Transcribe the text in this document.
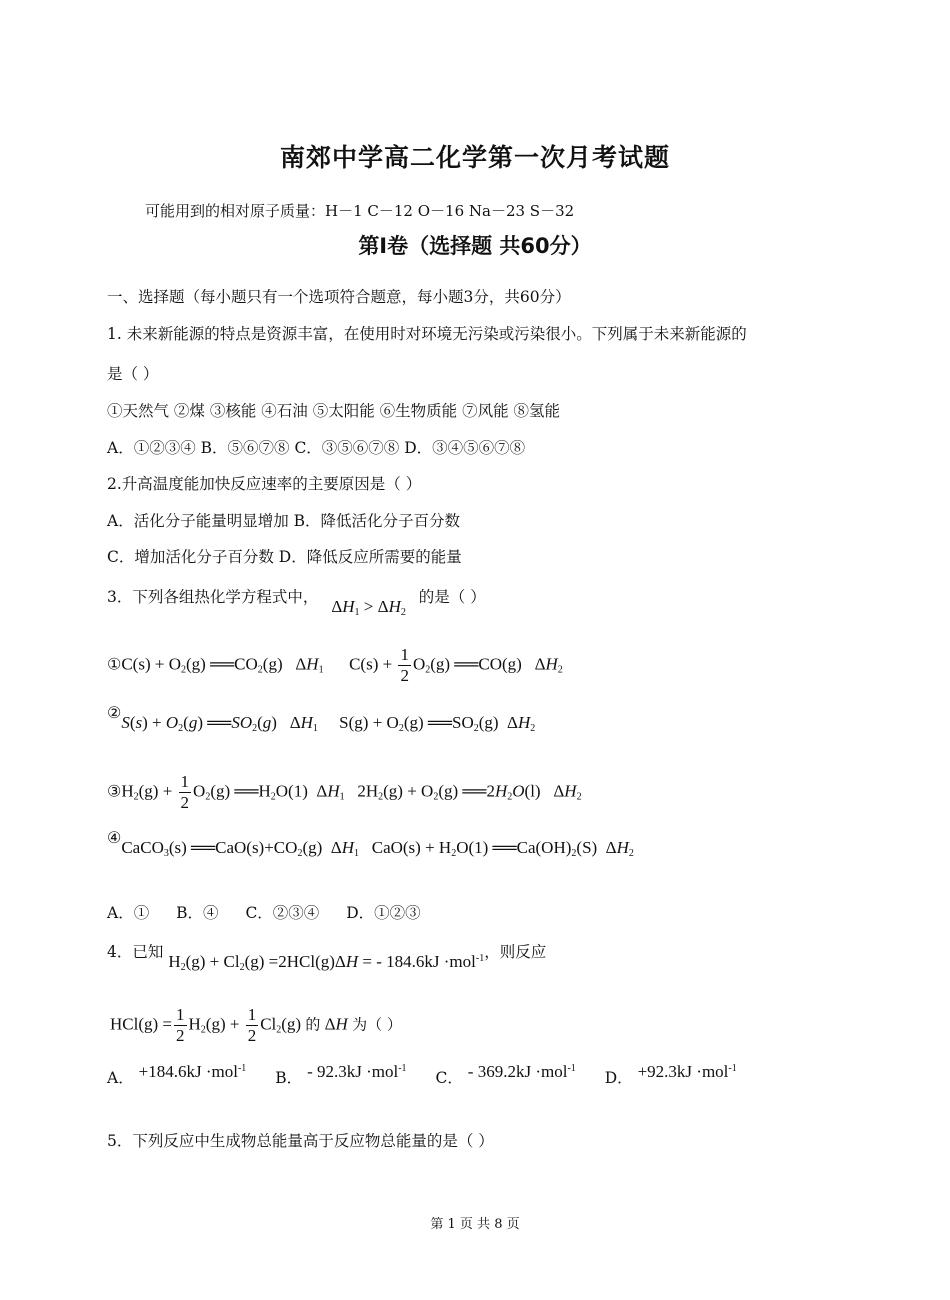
南郊中学高二化学第一次月考试题
可能用到的相对原子质量：H－1 C－12 O－16 Na－23 S－32
第Ⅰ卷（选择题 共60分）
一、选择题（每小题只有一个选项符合题意，每小题3分，共60分）
1. 未来新能源的特点是资源丰富，在使用时对环境无污染或污染很小。下列属于未来新能源的
是（ ）
①天然气 ②煤 ③核能 ④石油 ⑤太阳能 ⑥生物质能 ⑦风能 ⑧氢能
A．①②③④ B．⑤⑥⑦⑧ C．③⑤⑥⑦⑧ D．③④⑤⑥⑦⑧
2.升高温度能加快反应速率的主要原因是（ ）
A．活化分子能量明显增加 B．降低活化分子百分数
C．增加活化分子百分数 D．降低反应所需要的能量
3．下列各组热化学方程式中， $\Delta H_1 > \Delta H_2$ 的是（ ）
①C(s) + $O_2(g)$ $══CO_2(g)$   $\Delta H_1$      $C(s) + \frac{1}{2} O_2(g)$ ══CO(g)   $\Delta H_2$
②S(s) + $O_2(g)$ $══SO_2(g)$   $\Delta H_1$     $S(g) + O_2(g)$ $══SO_2(g)$  $\Delta H_2$
$③H_2(g) + \frac{1}{2} O_2(g)$ $══H_2O(1)$  $\Delta H_1$   $2H_2(g) + O_2(g)$ $══2H_2O(l)$   $\Delta H_2$
④CaCO$_3$(s) $══CaO(s)+CO_2(g)$  $\Delta H_1$   $CaO(s) + H_2O(1)$ $══Ca(OH)_2(S)$  $\Delta H_2$
A．① B．④ C．②③④ D．①②③
4．已知 $H_2(g) + Cl_2(g) =2HCl(g)\Delta H$ = - 184.6kJ ·mol$^{-1}$，则反应
$HCl(g) = \frac{1}{2} H_2(g) + \frac{1}{2} Cl_2(g)$ 的 ΔH 为（ ）
A． +184.6kJ ·mol$^{-1}$ B． - 92.3kJ ·mol$^{-1}$ C． - 369.2kJ ·mol$^{-1}$ D． +92.3kJ ·mol$^{-1}$
5．下列反应中生成物总能量高于反应物总能量的是（ ）
第 1 页 共 8 页
